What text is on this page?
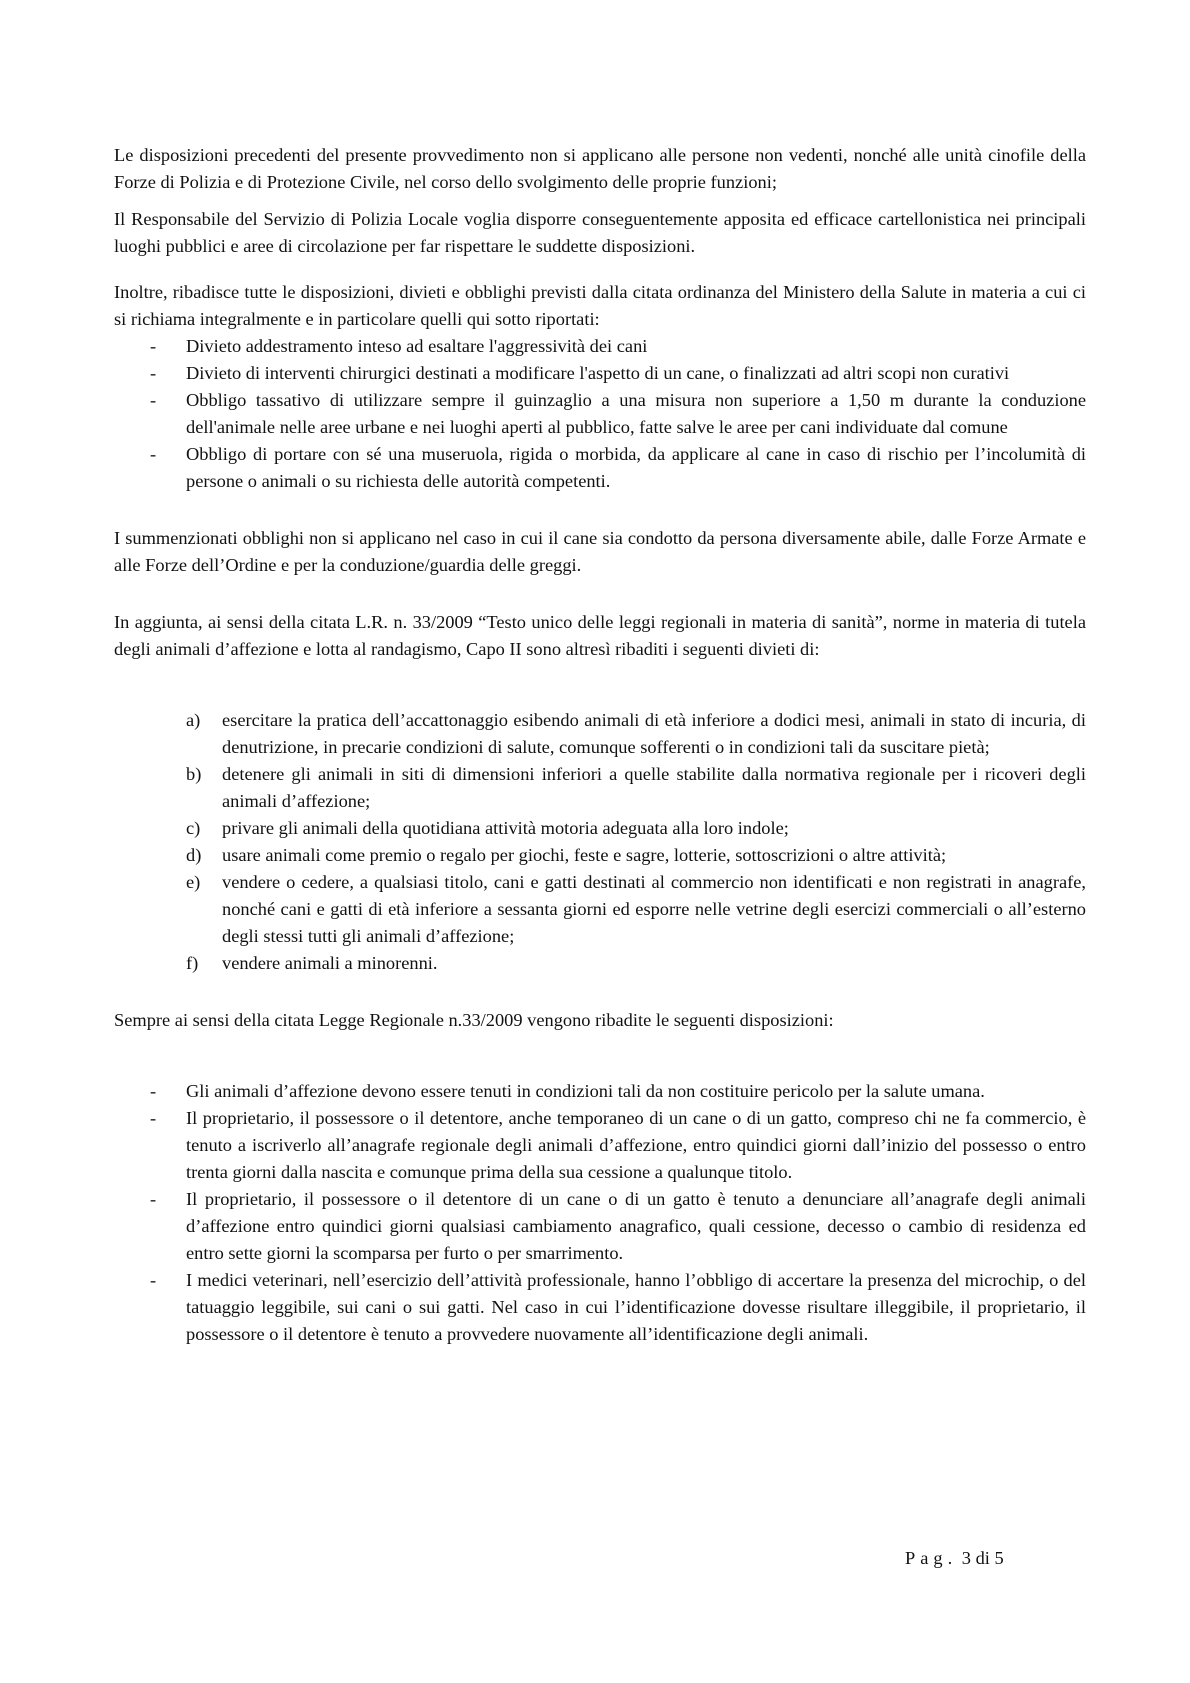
Le disposizioni precedenti del presente provvedimento non si applicano alle persone non vedenti, nonché alle unità cinofile della Forze di Polizia e di Protezione Civile, nel corso dello svolgimento delle proprie funzioni;

Il Responsabile del Servizio di Polizia Locale voglia disporre conseguentemente apposita ed efficace cartellonistica nei principali luoghi pubblici e aree di circolazione per far rispettare le suddette disposizioni.

Inoltre, ribadisce tutte le disposizioni, divieti e obblighi previsti dalla citata ordinanza del Ministero della Salute in materia a cui ci si richiama integralmente e in particolare quelli qui sotto riportati:

- Divieto addestramento inteso ad esaltare l'aggressività dei cani
- Divieto di interventi chirurgici destinati a modificare l'aspetto di un cane, o finalizzati ad altri scopi non curativi
- Obbligo tassativo di utilizzare sempre il guinzaglio a una misura non superiore a 1,50 m durante la conduzione dell'animale nelle aree urbane e nei luoghi aperti al pubblico, fatte salve le aree per cani individuate dal comune
- Obbligo di portare con sé una museruola, rigida o morbida, da applicare al cane in caso di rischio per l’incolumità di persone o animali o su richiesta delle autorità competenti.

I summenzionati obblighi non si applicano nel caso in cui il cane sia condotto da persona diversamente abile, dalle Forze Armate e alle Forze dell’Ordine e per la conduzione/guardia delle greggi.

In aggiunta, ai sensi della citata L.R. n. 33/2009 “Testo unico delle leggi regionali in materia di sanità”, norme in materia di tutela degli animali d’affezione e lotta al randagismo, Capo II sono altresì ribaditi i seguenti divieti di:

a) esercitare la pratica dell’accattonaggio esibendo animali di età inferiore a dodici mesi, animali in stato di incuria, di denutrizione, in precarie condizioni di salute, comunque sofferenti o in condizioni tali da suscitare pietà;
b) detenere gli animali in siti di dimensioni inferiori a quelle stabilite dalla normativa regionale per i ricoveri degli animali d’affezione;
c) privare gli animali della quotidiana attività motoria adeguata alla loro indole;
d) usare animali come premio o regalo per giochi, feste e sagre, lotterie, sottoscrizioni o altre attività;
e) vendere o cedere, a qualsiasi titolo, cani e gatti destinati al commercio non identificati e non registrati in anagrafe, nonché cani e gatti di età inferiore a sessanta giorni ed esporre nelle vetrine degli esercizi commerciali o all’esterno degli stessi tutti gli animali d’affezione;
f) vendere animali a minorenni.

Sempre ai sensi della citata Legge Regionale n.33/2009 vengono ribadite le seguenti disposizioni:

- Gli animali d’affezione devono essere tenuti in condizioni tali da non costituire pericolo per la salute umana.
- Il proprietario, il possessore o il detentore, anche temporaneo di un cane o di un gatto, compreso chi ne fa commercio, è tenuto a iscriverlo all’anagrafe regionale degli animali d’affezione, entro quindici giorni dall’inizio del possesso o entro trenta giorni dalla nascita e comunque prima della sua cessione a qualunque titolo.
- Il proprietario, il possessore o il detentore di un cane o di un gatto è tenuto a denunciare all’anagrafe degli animali d’affezione entro quindici giorni qualsiasi cambiamento anagrafico, quali cessione, decesso o cambio di residenza ed entro sette giorni la scomparsa per furto o per smarrimento.
- I medici veterinari, nell’esercizio dell’attività professionale, hanno l’obbligo di accertare la presenza del microchip, o del tatuaggio leggibile, sui cani o sui gatti. Nel caso in cui l’identificazione dovesse risultare illeggibile, il proprietario, il possessore o il detentore è tenuto a provvedere nuovamente all’identificazione degli animali.
Pag. 3 di 5
